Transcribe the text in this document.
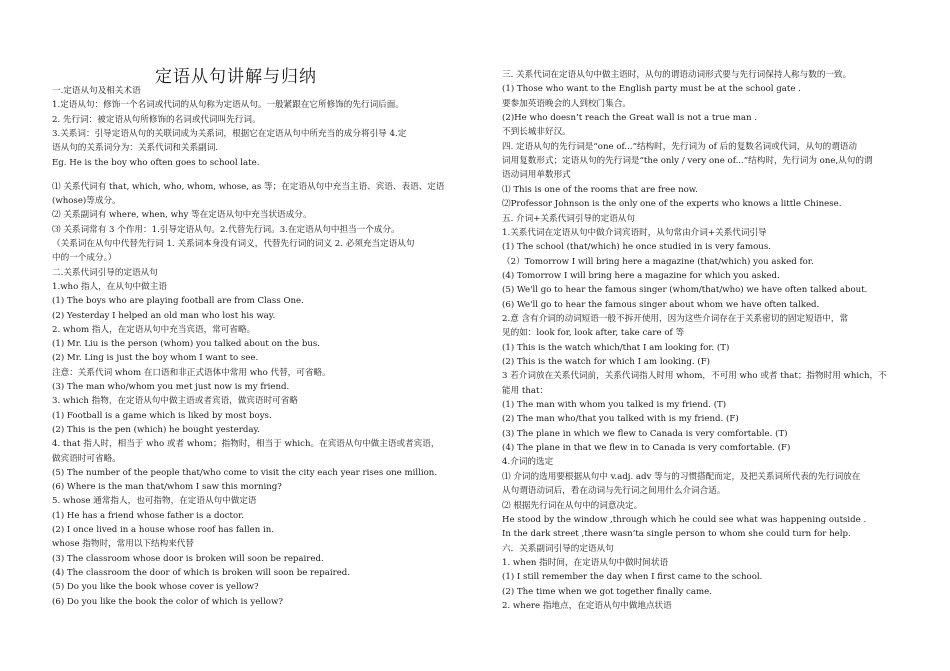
定语从句讲解与归纳
一.定语从句及相关术语
1.定语从句：修饰一个名词或代词的从句称为定语从句。一般紧跟在它所修饰的先行词后面。
2. 先行词：被定语从句所修饰的名词或代词叫先行词。
3.关系词：引导定语从句的关联词成为关系词，根据它在定语从句中所充当的成分将引导 4.定
语从句的关系词分为：关系代词和关系副词.
Eg. He is the boy who often goes to school late.
⑴ 关系代词有 that, which, who, whom, whose, as 等；在定语从句中充当主语、宾语、表语、定语
(whose)等成分。
⑵ 关系副词有 where, when, why 等在定语从句中充当状语成分。
⑶ 关系词常有 3 个作用：1.引导定语从句。2.代替先行词。3.在定语从句中担当一个成分。
（关系词在从句中代替先行词 1. 关系词本身没有词义，代替先行词的词义 2. 必须充当定语从句
中的一个成分。）
二.关系代词引导的定语从句
1.who 指人，在从句中做主语
(1) The boys who are playing football are from Class One.
(2) Yesterday I helped an old man who lost his way.
2. whom 指人，在定语从句中充当宾语，常可省略。
(1) Mr. Liu is the person (whom) you talked about on the bus.
(2) Mr. Ling is just the boy whom I want to see.
注意：关系代词 whom 在口语和非正式语体中常用 who 代替，可省略。
(3) The man who/whom you met just now is my friend.
3. which 指物，在定语从句中做主语或者宾语，做宾语时可省略
(1) Football is a game which is liked by most boys.
(2) This is the pen (which) he bought yesterday.
4. that 指人时，相当于 who 或者 whom；指物时，相当于 which。在宾语从句中做主语或者宾语，
做宾语时可省略。
(5) The number of the people that/who come to visit the city each year rises one million.
(6) Where is the man that/whom I saw this morning?
5. whose 通常指人，也可指物，在定语从句中做定语
(1) He has a friend whose father is a doctor.
(2) I once lived in a house whose roof has fallen in.
whose 指物时，常用以下结构来代替
(3) The classroom whose door is broken will soon be repaired.
(4) The classroom the door of which is broken will soon be repaired.
(5) Do you like the book whose cover is yellow?
(6) Do you like the book the color of which is yellow?
三. 关系代词在定语从句中做主语时，从句的谓语动词形式要与先行词保持人称与数的一致。
(1) Those who want to the English party must be at the school gate .
要参加英语晚会的人到校门集合。
(2)He who doesn’t reach the Great wall is not a true man .
不到长城非好汉。
四. 定语从句的先行词是“one of...”结构时，先行词为 of 后的复数名词或代词，从句的谓语动
词用复数形式；定语从句的先行词是“the only / very one of...”结构时，先行词为 one,从句的谓
语动词用单数形式
⑴ This is one of the rooms that are free now.
⑵Professor Johnson is the only one of the experts who knows a little Chinese.
五. 介词+关系代词引导的定语从句
1.关系代词在定语从句中做介词宾语时，从句常由介词+关系代词引导
(1) The school (that/which) he once studied in is very famous.
（2）Tomorrow I will bring here a magazine (that/which) you asked for.
(4) Tomorrow I will bring here a magazine for which you asked.
(5) We'll go to hear the famous singer (whom/that/who) we have often talked about.
(6) We'll go to hear the famous singer about whom we have often talked.
2.意 含有介词的动词短语一般不拆开使用，因为这些介词存在于关系密切的固定短语中，常
见的如：look for, look after, take care of 等
(1) This is the watch which/that I am looking for. (T)
(2) This is the watch for which I am looking. (F)
3 若介词放在关系代词前，关系代词指人时用 whom，不可用 who 或者 that；指物时用 which，不
能用 that：
(1) The man with whom you talked is my friend. (T)
(2) The man who/that you talked with is my friend. (F)
(3) The plane in which we flew to Canada is very comfortable. (T)
(4) The plane in that we flew in to Canada is very comfortable. (F)
4.介词的选定
⑴ 介词的选用要根据从句中 v.adj. adv 等与的习惯搭配而定，及把关系词所代表的先行词放在
从句谓语动词后，看在动词与先行词之间用什么介词合适。
⑵ 根据先行词在从句中的词意决定。
He stood by the window ,through which he could see what was happening outside .
In the dark street ,there wasn’ta single person to whom she could turn for help.
六．关系副词引导的定语从句
1. when 指时间，在定语从句中做时间状语
(1) I still remember the day when I first came to the school.
(2) The time when we got together finally came.
2. where 指地点，在定语从句中做地点状语
